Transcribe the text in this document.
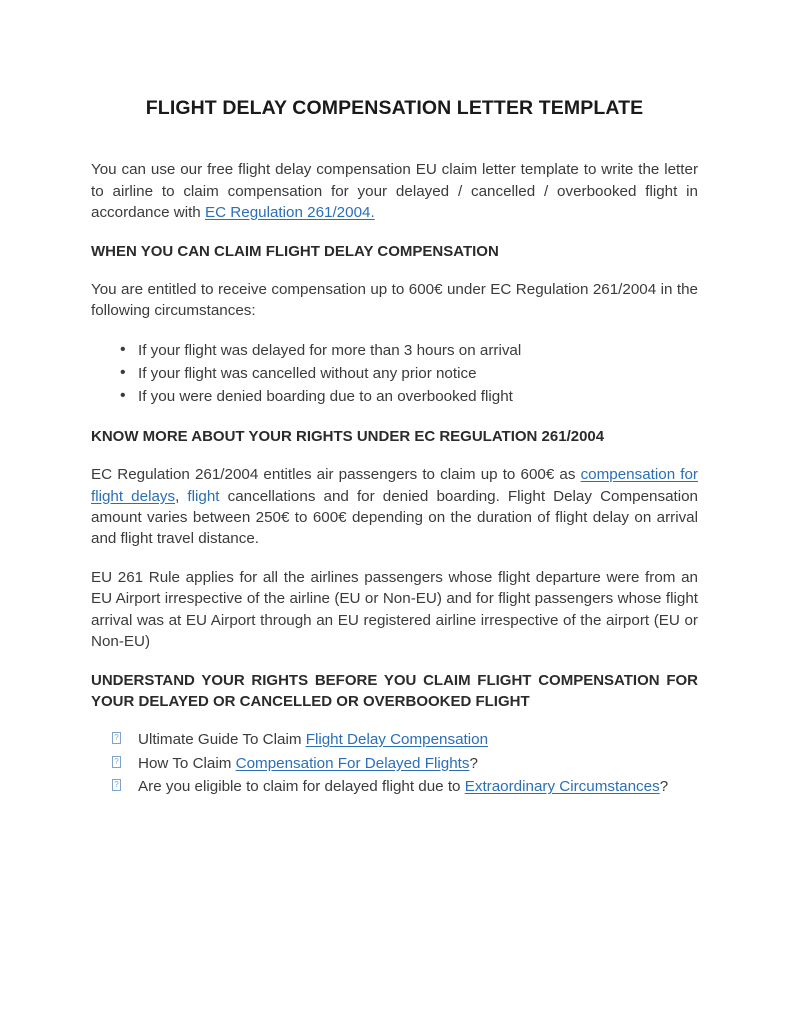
FLIGHT DELAY COMPENSATION LETTER TEMPLATE

You can use our free flight delay compensation EU claim letter template to write the letter to airline to claim compensation for your delayed / cancelled / overbooked flight in accordance with EC Regulation 261/2004.

WHEN YOU CAN CLAIM FLIGHT DELAY COMPENSATION

You are entitled to receive compensation up to 600€ under EC Regulation 261/2004 in the following circumstances:

• If your flight was delayed for more than 3 hours on arrival
• If your flight was cancelled without any prior notice
• If you were denied boarding due to an overbooked flight
KNOW MORE ABOUT YOUR RIGHTS UNDER EC REGULATION 261/2004

EC Regulation 261/2004 entitles air passengers to claim up to 600€ as compensation for flight delays, flight cancellations and for denied boarding. Flight Delay Compensation amount varies between 250€ to 600€ depending on the duration of flight delay on arrival and flight travel distance.

EU 261 Rule applies for all the airlines passengers whose flight departure were from an EU Airport irrespective of the airline (EU or Non-EU) and for flight passengers whose flight arrival was at EU Airport through an EU registered airline irrespective of the airport (EU or Non-EU)

UNDERSTAND YOUR RIGHTS BEFORE YOU CLAIM FLIGHT COMPENSATION FOR
YOUR DELAYED OR CANCELLED OR OVERBOOKED FLIGHT
? Ultimate Guide To Claim Flight Delay Compensation
? How To Claim Compensation For Delayed Flights?
? Are you eligible to claim for delayed flight due to Extraordinary Circumstances?
